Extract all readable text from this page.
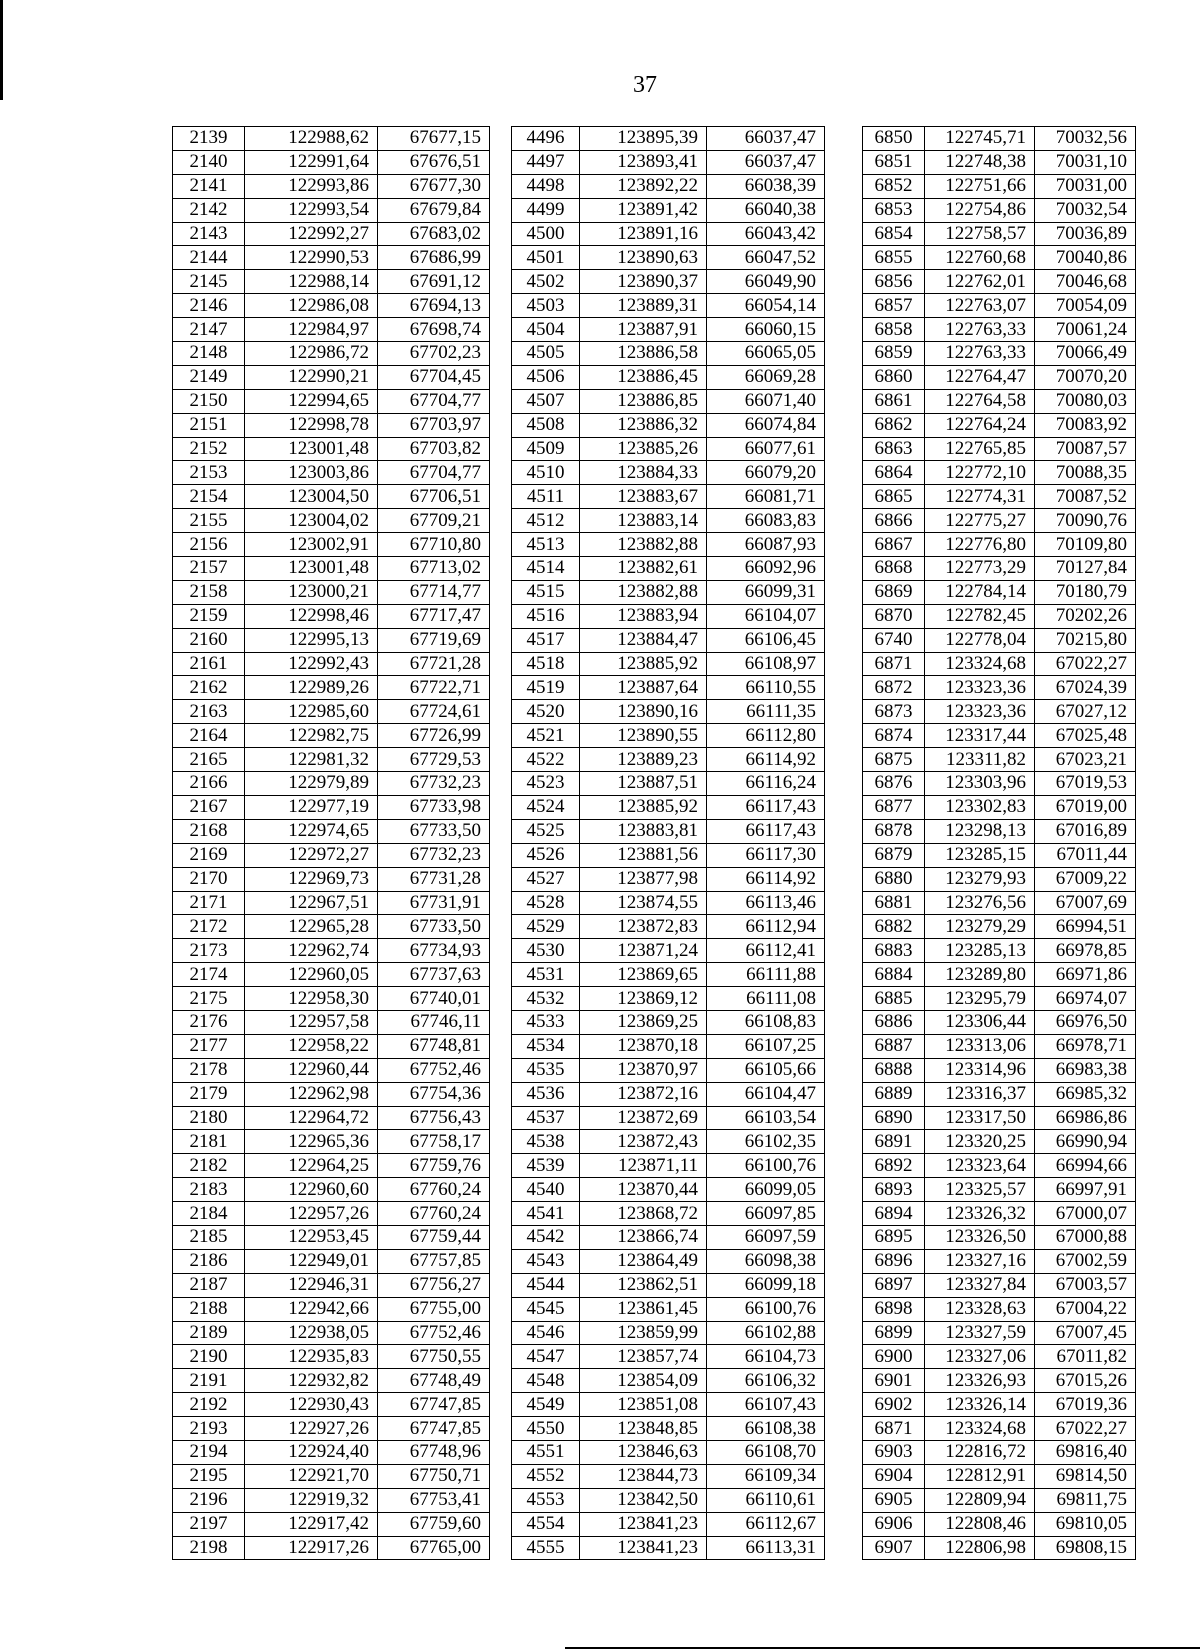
37
2139	122988,62	67677,15		4496	123895,39	66037,47		6850	122745,71	70032,56
2140	122991,64	67676,51		4497	123893,41	66037,47		6851	122748,38	70031,10
2141	122993,86	67677,30		4498	123892,22	66038,39		6852	122751,66	70031,00
2142	122993,54	67679,84		4499	123891,42	66040,38		6853	122754,86	70032,54
2143	122992,27	67683,02		4500	123891,16	66043,42		6854	122758,57	70036,89
2144	122990,53	67686,99		4501	123890,63	66047,52		6855	122760,68	70040,86
2145	122988,14	67691,12		4502	123890,37	66049,90		6856	122762,01	70046,68
2146	122986,08	67694,13		4503	123889,31	66054,14		6857	122763,07	70054,09
2147	122984,97	67698,74		4504	123887,91	66060,15		6858	122763,33	70061,24
2148	122986,72	67702,23		4505	123886,58	66065,05		6859	122763,33	70066,49
2149	122990,21	67704,45		4506	123886,45	66069,28		6860	122764,47	70070,20
2150	122994,65	67704,77		4507	123886,85	66071,40		6861	122764,58	70080,03
2151	122998,78	67703,97		4508	123886,32	66074,84		6862	122764,24	70083,92
2152	123001,48	67703,82		4509	123885,26	66077,61		6863	122765,85	70087,57
2153	123003,86	67704,77		4510	123884,33	66079,20		6864	122772,10	70088,35
2154	123004,50	67706,51		4511	123883,67	66081,71		6865	122774,31	70087,52
2155	123004,02	67709,21		4512	123883,14	66083,83		6866	122775,27	70090,76
2156	123002,91	67710,80		4513	123882,88	66087,93		6867	122776,80	70109,80
2157	123001,48	67713,02		4514	123882,61	66092,96		6868	122773,29	70127,84
2158	123000,21	67714,77		4515	123882,88	66099,31		6869	122784,14	70180,79
2159	122998,46	67717,47		4516	123883,94	66104,07		6870	122782,45	70202,26
2160	122995,13	67719,69		4517	123884,47	66106,45		6740	122778,04	70215,80
2161	122992,43	67721,28		4518	123885,92	66108,97		6871	123324,68	67022,27
2162	122989,26	67722,71		4519	123887,64	66110,55		6872	123323,36	67024,39
2163	122985,60	67724,61		4520	123890,16	66111,35		6873	123323,36	67027,12
2164	122982,75	67726,99		4521	123890,55	66112,80		6874	123317,44	67025,48
2165	122981,32	67729,53		4522	123889,23	66114,92		6875	123311,82	67023,21
2166	122979,89	67732,23		4523	123887,51	66116,24		6876	123303,96	67019,53
2167	122977,19	67733,98		4524	123885,92	66117,43		6877	123302,83	67019,00
2168	122974,65	67733,50		4525	123883,81	66117,43		6878	123298,13	67016,89
2169	122972,27	67732,23		4526	123881,56	66117,30		6879	123285,15	67011,44
2170	122969,73	67731,28		4527	123877,98	66114,92		6880	123279,93	67009,22
2171	122967,51	67731,91		4528	123874,55	66113,46		6881	123276,56	67007,69
2172	122965,28	67733,50		4529	123872,83	66112,94		6882	123279,29	66994,51
2173	122962,74	67734,93		4530	123871,24	66112,41		6883	123285,13	66978,85
2174	122960,05	67737,63		4531	123869,65	66111,88		6884	123289,80	66971,86
2175	122958,30	67740,01		4532	123869,12	66111,08		6885	123295,79	66974,07
2176	122957,58	67746,11		4533	123869,25	66108,83		6886	123306,44	66976,50
2177	122958,22	67748,81		4534	123870,18	66107,25		6887	123313,06	66978,71
2178	122960,44	67752,46		4535	123870,97	66105,66		6888	123314,96	66983,38
2179	122962,98	67754,36		4536	123872,16	66104,47		6889	123316,37	66985,32
2180	122964,72	67756,43		4537	123872,69	66103,54		6890	123317,50	66986,86
2181	122965,36	67758,17		4538	123872,43	66102,35		6891	123320,25	66990,94
2182	122964,25	67759,76		4539	123871,11	66100,76		6892	123323,64	66994,66
2183	122960,60	67760,24		4540	123870,44	66099,05		6893	123325,57	66997,91
2184	122957,26	67760,24		4541	123868,72	66097,85		6894	123326,32	67000,07
2185	122953,45	67759,44		4542	123866,74	66097,59		6895	123326,50	67000,88
2186	122949,01	67757,85		4543	123864,49	66098,38		6896	123327,16	67002,59
2187	122946,31	67756,27		4544	123862,51	66099,18		6897	123327,84	67003,57
2188	122942,66	67755,00		4545	123861,45	66100,76		6898	123328,63	67004,22
2189	122938,05	67752,46		4546	123859,99	66102,88		6899	123327,59	67007,45
2190	122935,83	67750,55		4547	123857,74	66104,73		6900	123327,06	67011,82
2191	122932,82	67748,49		4548	123854,09	66106,32		6901	123326,93	67015,26
2192	122930,43	67747,85		4549	123851,08	66107,43		6902	123326,14	67019,36
2193	122927,26	67747,85		4550	123848,85	66108,38		6871	123324,68	67022,27
2194	122924,40	67748,96		4551	123846,63	66108,70		6903	122816,72	69816,40
2195	122921,70	67750,71		4552	123844,73	66109,34		6904	122812,91	69814,50
2196	122919,32	67753,41		4553	123842,50	66110,61		6905	122809,94	69811,75
2197	122917,42	67759,60		4554	123841,23	66112,67		6906	122808,46	69810,05
2198	122917,26	67765,00		4555	123841,23	66113,31		6907	122806,98	69808,15
